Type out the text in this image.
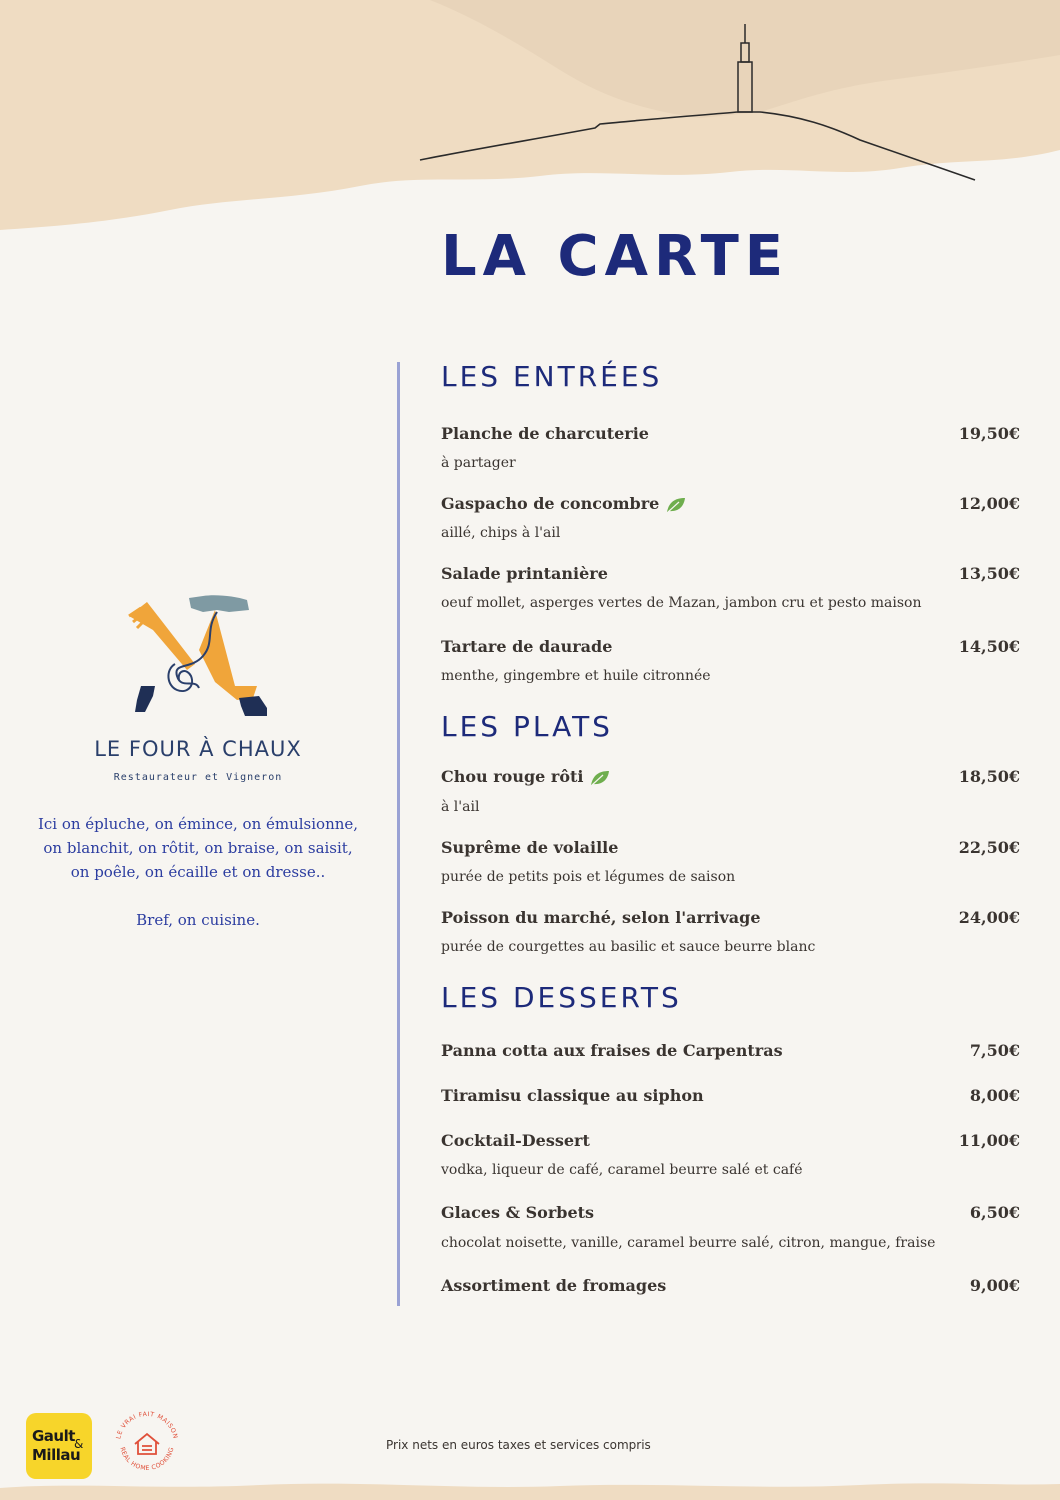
LA CARTE
LES ENTRÉES
LES PLATS
LES DESSERTS
Planche de charcuterie	19,50€
à partager
Gaspacho de concombre	12,00€
aillé, chips à l'ail
Salade printanière	13,50€
oeuf mollet, asperges vertes de Mazan, jambon cru et pesto maison
Tartare de daurade	14,50€
menthe, gingembre et huile citronnée
Chou rouge rôti	18,50€
à l'ail
Suprême de volaille	22,50€
purée de petits pois et légumes de saison
Poisson du marché, selon l'arrivage	24,00€
purée de courgettes au basilic et sauce beurre blanc
Panna cotta aux fraises de Carpentras	7,50€
Tiramisu classique au siphon	8,00€
Cocktail-Dessert	11,00€
vodka, liqueur de café, caramel beurre salé et café
Glaces & Sorbets	6,50€
chocolat noisette, vanille, caramel beurre salé, citron, mangue, fraise
Assortiment de fromages	9,00€
LE FOUR À CHAUX
Restaurateur et Vigneron
Ici on épluche, on émince, on émulsionne,
on blanchit, on rôtit, on braise, on saisit,
on poêle, on écaille et on dresse..
Bref, on cuisine.
Gault
Millau
&
LE VRAI FAIT MAISON
REAL HOME COOKING	Prix nets en euros taxes et services compris
